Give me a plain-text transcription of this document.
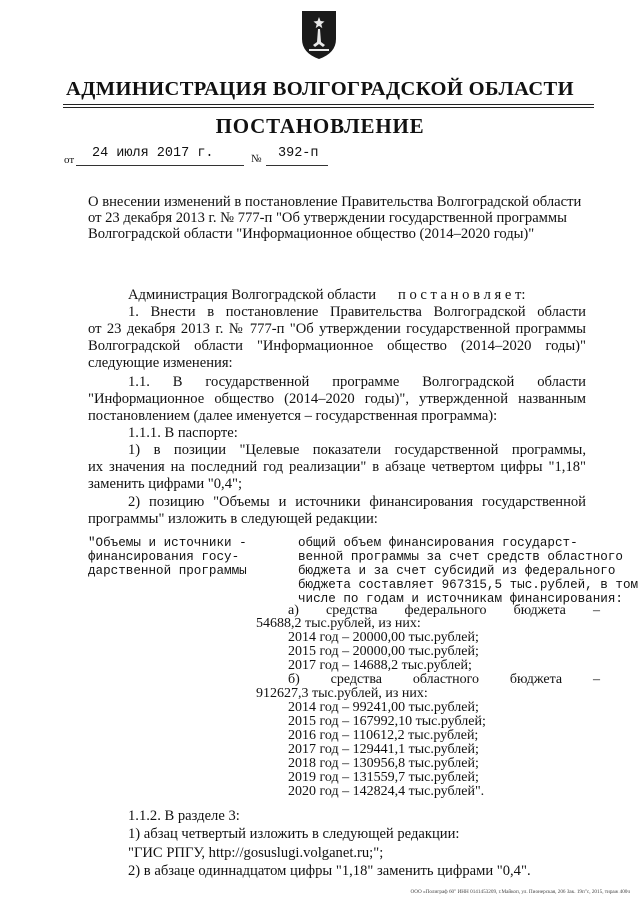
АДМИНИСТРАЦИЯ ВОЛГОГРАДСКОЙ ОБЛАСТИ
ПОСТАНОВЛЕНИЕ
от 24 июля 2017 г.	№ 392-п
О внесении изменений в постановление Правительства Волгоградской области
от 23 декабря 2013 г. № 777-п "Об утверждении государственной программы
Волгоградской области "Информационное общество (2014–2020 годы)"
Администрация Волгоградской области п о с т а н о в л я е т:
1. Внести в постановление Правительства Волгоградской области
от 23 декабря 2013 г. № 777-п "Об утверждении государственной программы
Волгоградской области "Информационное общество (2014–2020 годы)"
следующие изменения:
1.1. В государственной программе Волгоградской области
"Информационное общество (2014–2020 годы)", утвержденной названным
постановлением (далее именуется – государственная программа):
1.1.1. В паспорте:
1) в позиции "Целевые показатели государственной программы,
их значения на последний год реализации" в абзаце четвертом цифры "1,18"
заменить цифрами "0,4";
2) позицию "Объемы и источники финансирования государственной
программы" изложить в следующей редакции:
"Объемы и источники -
финансирования госу-
дарственной программы
общий объем финансирования государст-
венной программы за счет средств областного
бюджета и за счет субсидий из федерального
бюджета составляет 967315,5 тыс.рублей, в том
числе по годам и источникам финансирования:
а) средства федерального бюджета –
54688,2 тыс.рублей, из них:
2014 год – 20000,00 тыс.рублей;
2015 год – 20000,00 тыс.рублей;
2017 год – 14688,2 тыс.рублей;
б) средства областного бюджета –
912627,3 тыс.рублей, из них:
2014 год – 99241,00 тыс.рублей;
2015 год – 167992,10 тыс.рублей;
2016 год – 110612,2 тыс.рублей;
2017 год – 129441,1 тыс.рублей;
2018 год – 130956,8 тыс.рублей;
2019 год – 131559,7 тыс.рублей;
2020 год – 142824,4 тыс.рублей".
1.1.2. В разделе 3:
1) абзац четвертый изложить в следующей редакции:
"ГИС РПГУ, http://gosuslugi.volganet.ru;";
2) в абзаце одиннадцатом цифры "1,18" заменить цифрами "0,4".
ООО «Полиграф 60" ИНН 0141453209, г.Майкоп, ул. Пионерская, 206 Зак. 19п"c, 2015, тираж 400ч
